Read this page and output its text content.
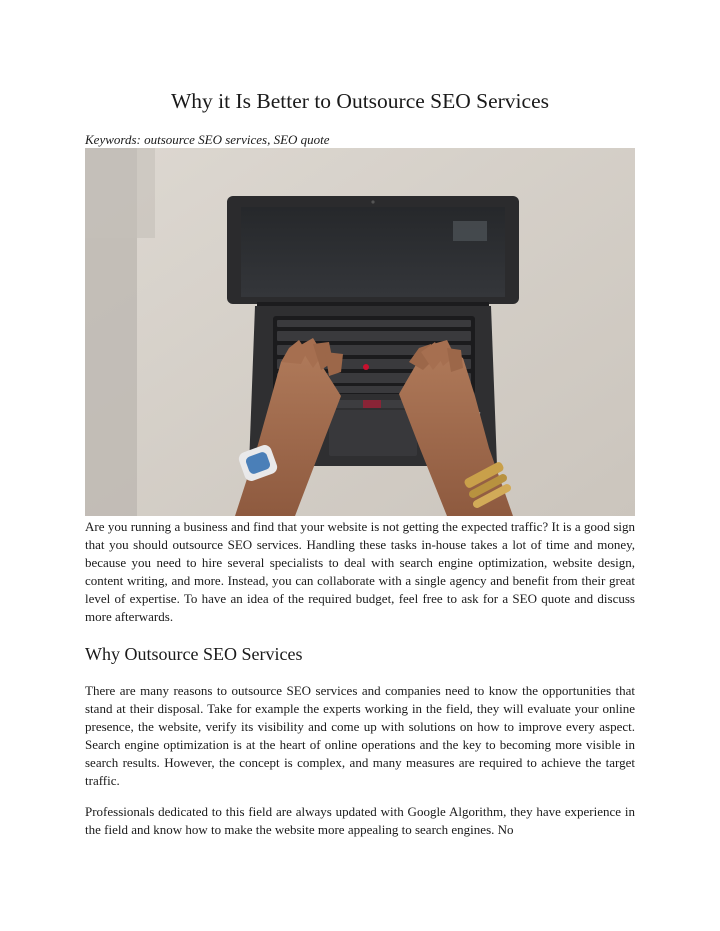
Why it Is Better to Outsource SEO Services

Keywords: outsource SEO services, SEO quote

Are you running a business and find that your website is not getting the expected traffic? It is a good sign that you should outsource SEO services. Handling these tasks in-house takes a lot of time and money, because you need to hire several specialists to deal with search engine optimization, website design, content writing, and more. Instead, you can collaborate with a single agency and benefit from their great level of expertise. To have an idea of the required budget, feel free to ask for a SEO quote and discuss more afterwards.

Why Outsource SEO Services

There are many reasons to outsource SEO services and companies need to know the opportunities that stand at their disposal. Take for example the experts working in the field, they will evaluate your online presence, the website, verify its visibility and come up with solutions on how to improve every aspect. Search engine optimization is at the heart of online operations and the key to becoming more visible in search results. However, the concept is complex, and many measures are required to achieve the target traffic.

Professionals dedicated to this field are always updated with Google Algorithm, they have experience in the field and know how to make the website more appealing to search engines. No
